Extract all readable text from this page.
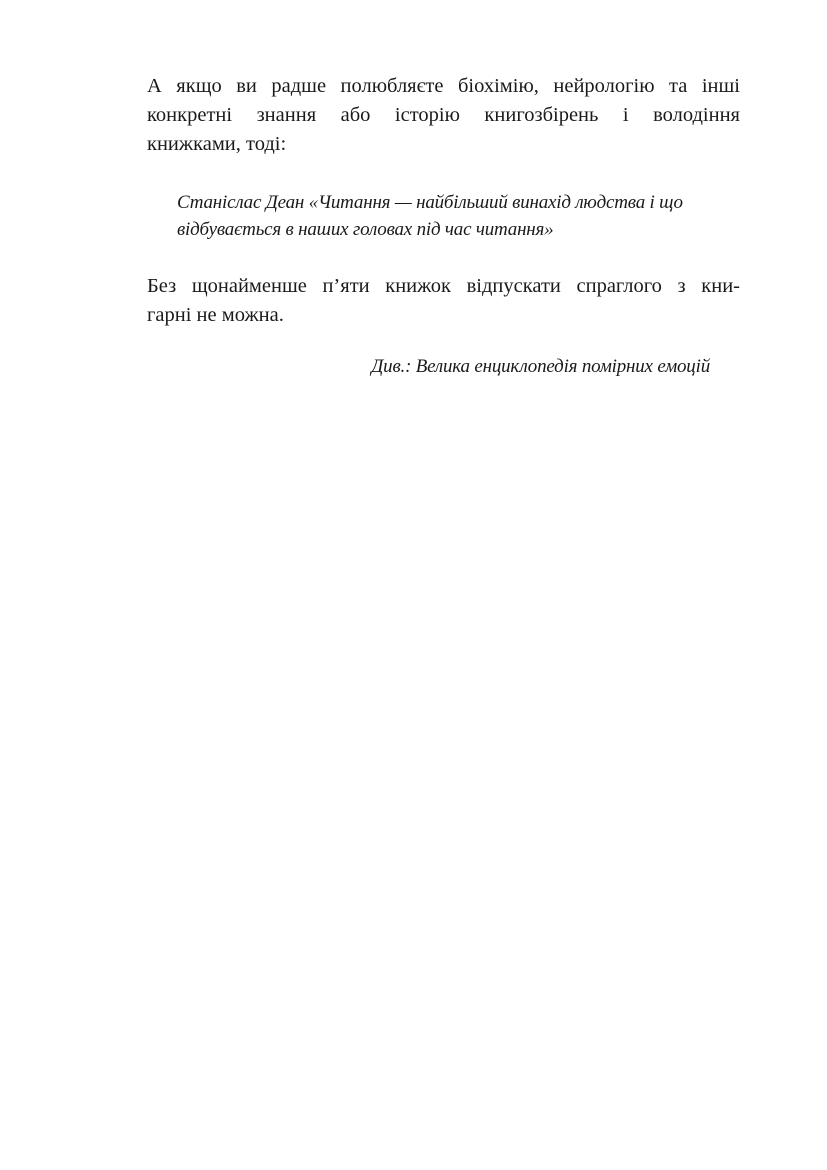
А якщо ви радше полюбляєте біохімію, нейрологію та інші
конкретні знання або історію книгозбірень і володіння
книжками, тоді:

Станіслас Деан «Читання — найбільший винахід людства і що
відбувається в наших головах під час читання»

Без щонайменше п’яти книжок відпускати спраглого з кни-
гарні не можна.

Див.: Велика енциклопедія помірних емоцій
